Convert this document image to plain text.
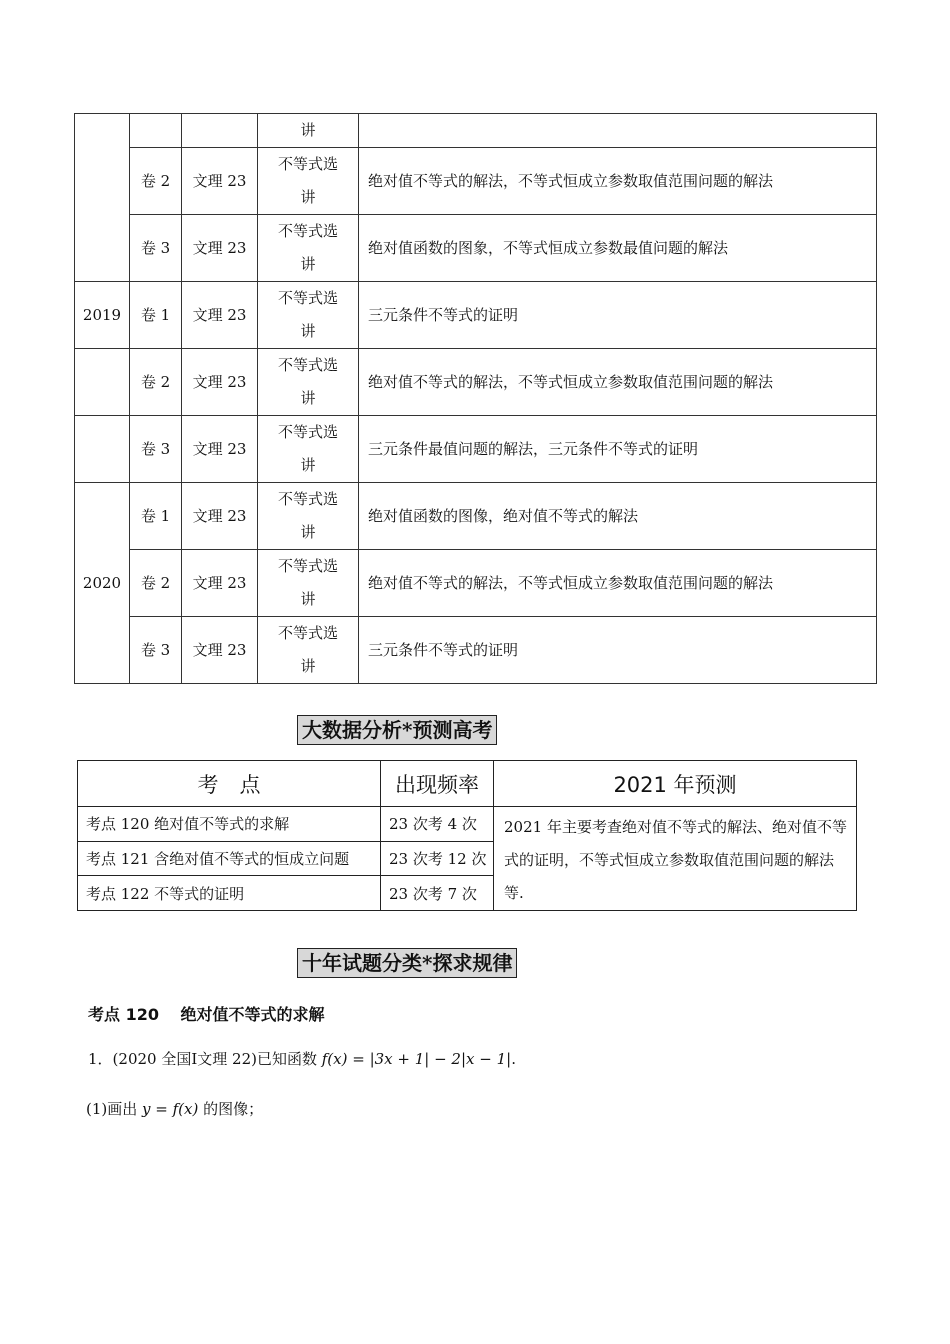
			讲	
	卷 2	文理 23	不等式选
讲	绝对值不等式的解法，不等式恒成立参数取值范围问题的解法
	卷 3	文理 23	不等式选
讲	绝对值函数的图象，不等式恒成立参数最值问题的解法
2019	卷 1	文理 23	不等式选
讲	三元条件不等式的证明
	卷 2	文理 23	不等式选
讲	绝对值不等式的解法，不等式恒成立参数取值范围问题的解法
	卷 3	文理 23	不等式选
讲	三元条件最值问题的解法，三元条件不等式的证明
2020	卷 1	文理 23	不等式选
讲	绝对值函数的图像，绝对值不等式的解法
	卷 2	文理 23	不等式选
讲	绝对值不等式的解法，不等式恒成立参数取值范围问题的解法
	卷 3	文理 23	不等式选
讲	三元条件不等式的证明
大数据分析*预测高考
考　点	出现频率	2021 年预测
考点 120 绝对值不等式的求解	23 次考 4 次	2021 年主要考查绝对值不等式的解法、绝对值不等式的证明，不等式恒成立参数取值范围问题的解法等.
考点 121 含绝对值不等式的恒成立问题	23 次考 12 次	
考点 122 不等式的证明	23 次考 7 次	
十年试题分类*探求规律
考点 120　 绝对值不等式的求解
1．(2020 全国Ⅰ文理 22)已知函数 f(x) = |3x + 1| − 2|x − 1|.
(1)画出 y = f(x) 的图像；
